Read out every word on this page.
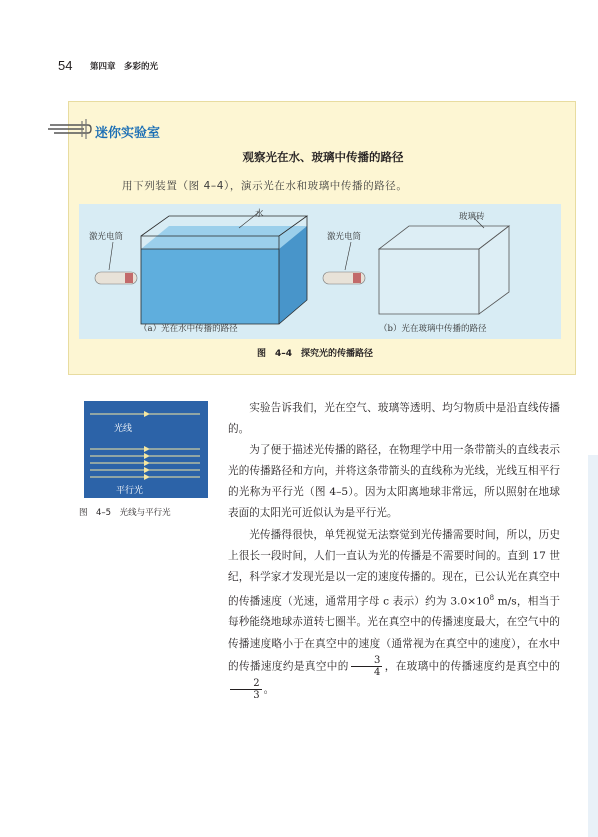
54 第四章　多彩的光
迷你实验室
观察光在水、玻璃中传播的路径
用下列装置（图 4–4），演示光在水和玻璃中传播的路径。
水
激光电筒	激光电筒
玻璃砖
（a）光在水中传播的路径	（b）光在玻璃中传播的路径
图　4–4　探究光的传播路径
光线
平行光
图　4–5　光线与平行光

实验告诉我们，光在空气、玻璃等透明、均匀物质中是沿直线传播的。

为了便于描述光传播的路径，在物理学中用一条带箭头的直线表示光的传播路径和方向，并将这条带箭头的直线称为光线，光线互相平行的光称为平行光（图 4–5）。因为太阳离地球非常远，所以照射在地球表面的太阳光可近似认为是平行光。

光传播得很快，单凭视觉无法察觉到光传播需要时间，所以，历史上很长一段时间，人们一直认为光的传播是不需要时间的。直到 17 世纪，科学家才发现光是以一定的速度传播的。现在，已公认光在真空中的传播速度（光速，通常用字母 c 表示）约为 $3.0\times 10^8$ m/s，相当于每秒能绕地球赤道转七圈半。光在真空中的传播速度最大，在空气中的传播速度略小于在真空中的速度（通常视为在真空中的速度），在水中的传播速度约是真空中的 $\frac{3}{4}$ ，在玻璃中的传播速度约是真空中的
$\frac{2}{3}$ 。
